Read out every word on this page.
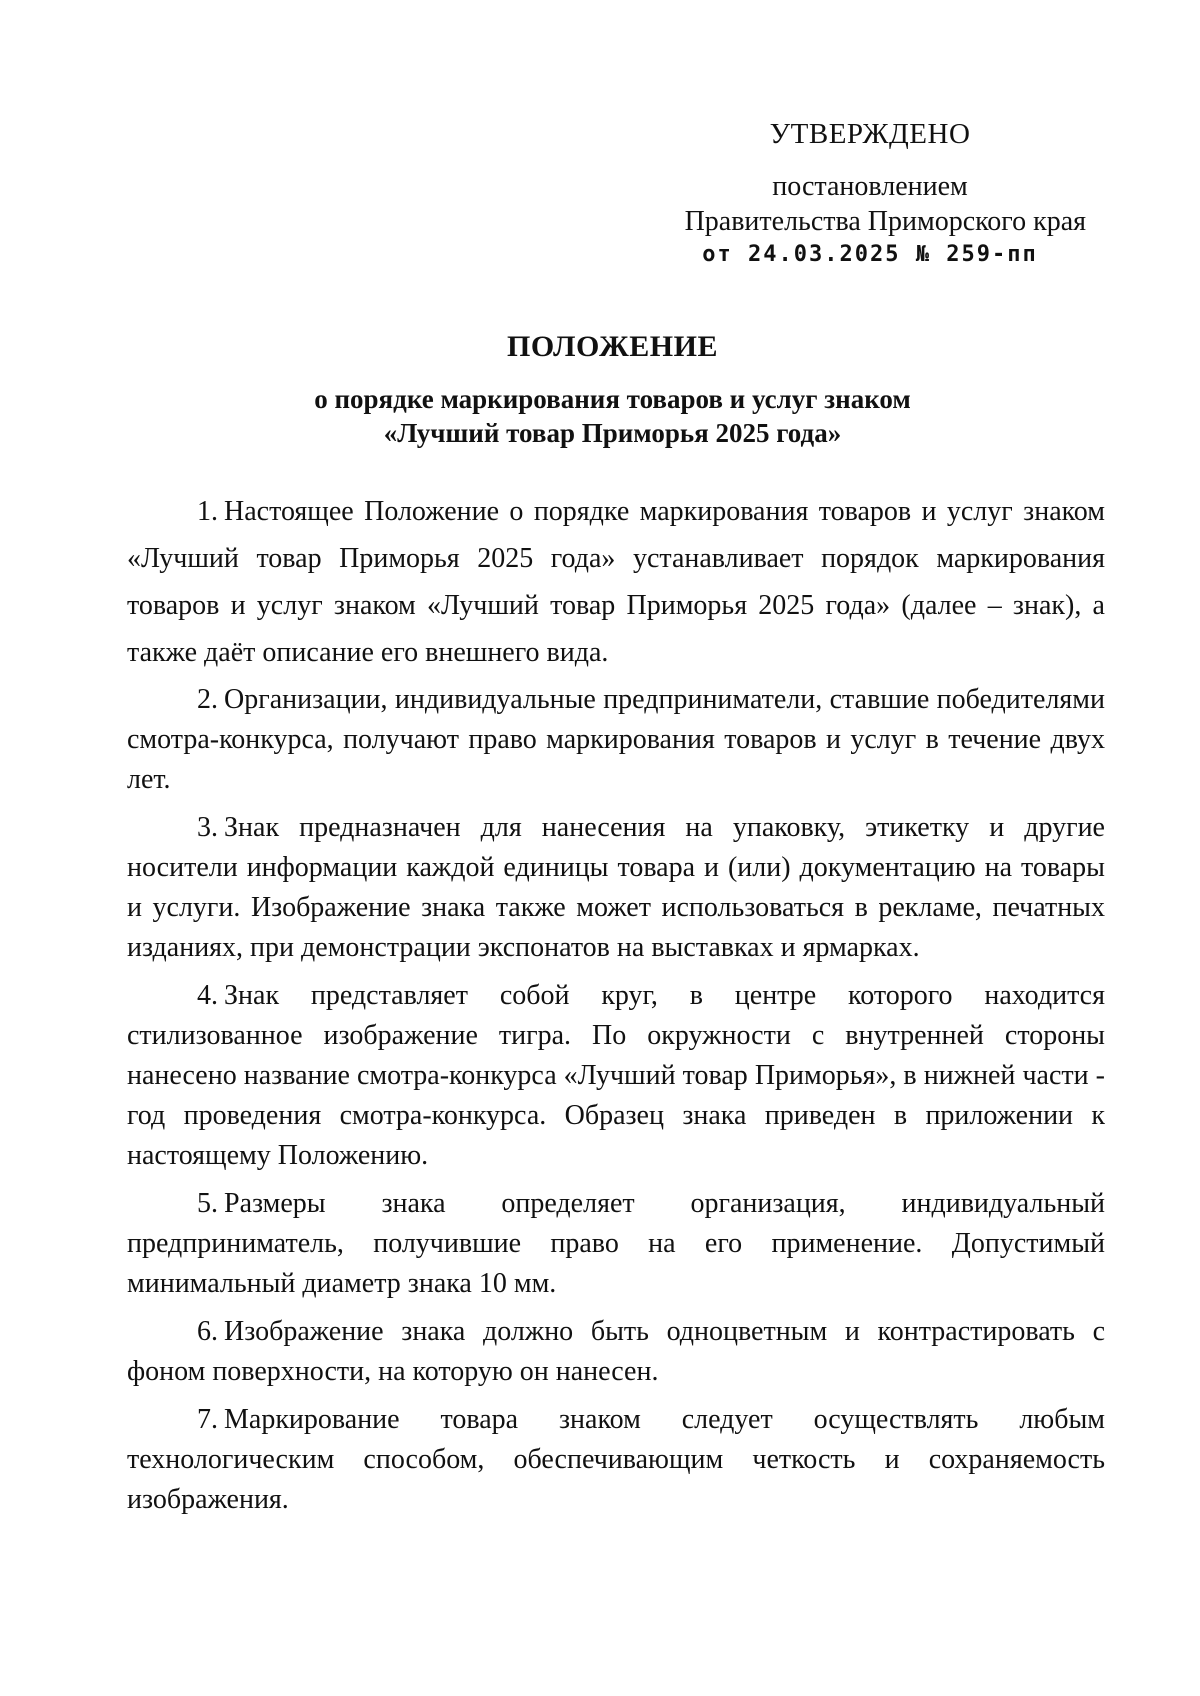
УТВЕРЖДЕНО
постановлением
Правительства Приморского края
от 24.03.2025 № 259-пп
ПОЛОЖЕНИЕ
о порядке маркирования товаров и услуг знаком
«Лучший товар Приморья 2025 года»

1. Настоящее Положение о порядке маркирования товаров и услуг знаком «Лучший товар Приморья 2025 года» устанавливает порядок маркирования товаров и услуг знаком «Лучший товар Приморья 2025 года» (далее – знак), а также даёт описание его внешнего вида.

2. Организации, индивидуальные предприниматели, ставшие победителями смотра-конкурса, получают право маркирования товаров и услуг в течение двух лет.

3. Знак предназначен для нанесения на упаковку, этикетку и другие носители информации каждой единицы товара и (или) документацию на товары и услуги. Изображение знака также может использоваться в рекламе, печатных изданиях, при демонстрации экспонатов на выставках и ярмарках.

4. Знак представляет собой круг, в центре которого находится стилизованное изображение тигра. По окружности с внутренней стороны нанесено название смотра-конкурса «Лучший товар Приморья», в нижней части - год проведения смотра-конкурса. Образец знака приведен в приложении к настоящему Положению.

5. Размеры знака определяет организация, индивидуальный предприниматель, получившие право на его применение. Допустимый минимальный диаметр знака 10 мм.

6. Изображение знака должно быть одноцветным и контрастировать с фоном поверхности, на которую он нанесен.

7. Маркирование товара знаком следует осуществлять любым технологическим способом, обеспечивающим четкость и сохраняемость изображения.
